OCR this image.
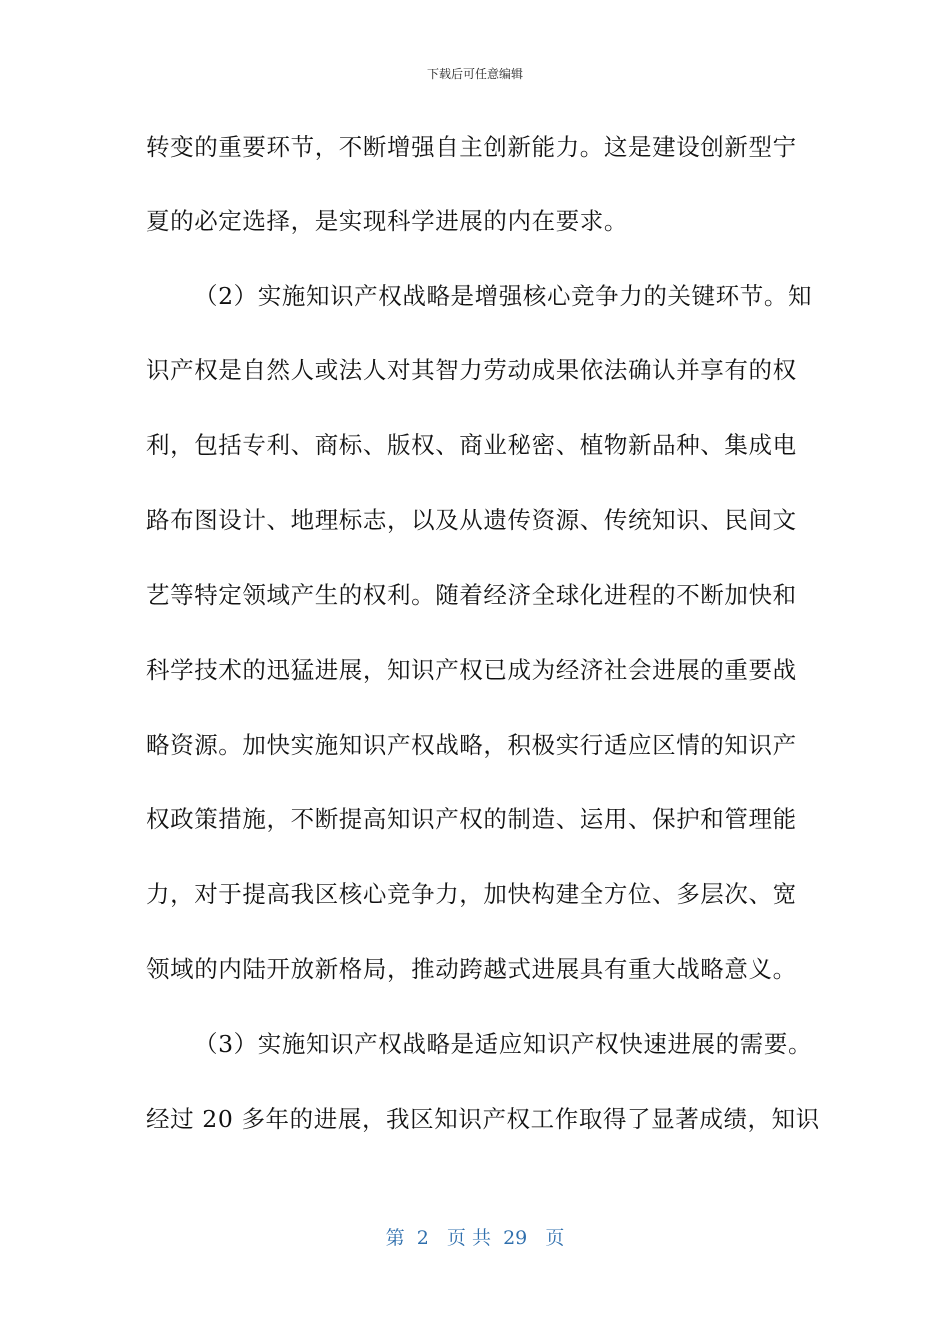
下载后可任意编辑
转变的重要环节，不断增强自主创新能力。这是建设创新型宁
夏的必定选择，是实现科学进展的内在要求。
（2）实施知识产权战略是增强核心竞争力的关键环节。知
识产权是自然人或法人对其智力劳动成果依法确认并享有的权
利，包括专利、商标、版权、商业秘密、植物新品种、集成电
路布图设计、地理标志，以及从遗传资源、传统知识、民间文
艺等特定领域产生的权利。随着经济全球化进程的不断加快和
科学技术的迅猛进展，知识产权已成为经济社会进展的重要战
略资源。加快实施知识产权战略，积极实行适应区情的知识产
权政策措施，不断提高知识产权的制造、运用、保护和管理能
力，对于提高我区核心竞争力，加快构建全方位、多层次、宽
领域的内陆开放新格局，推动跨越式进展具有重大战略意义。
（3）实施知识产权战略是适应知识产权快速进展的需要。
经过 20 多年的进展，我区知识产权工作取得了显著成绩，知识
第 2 页 共 29 页
